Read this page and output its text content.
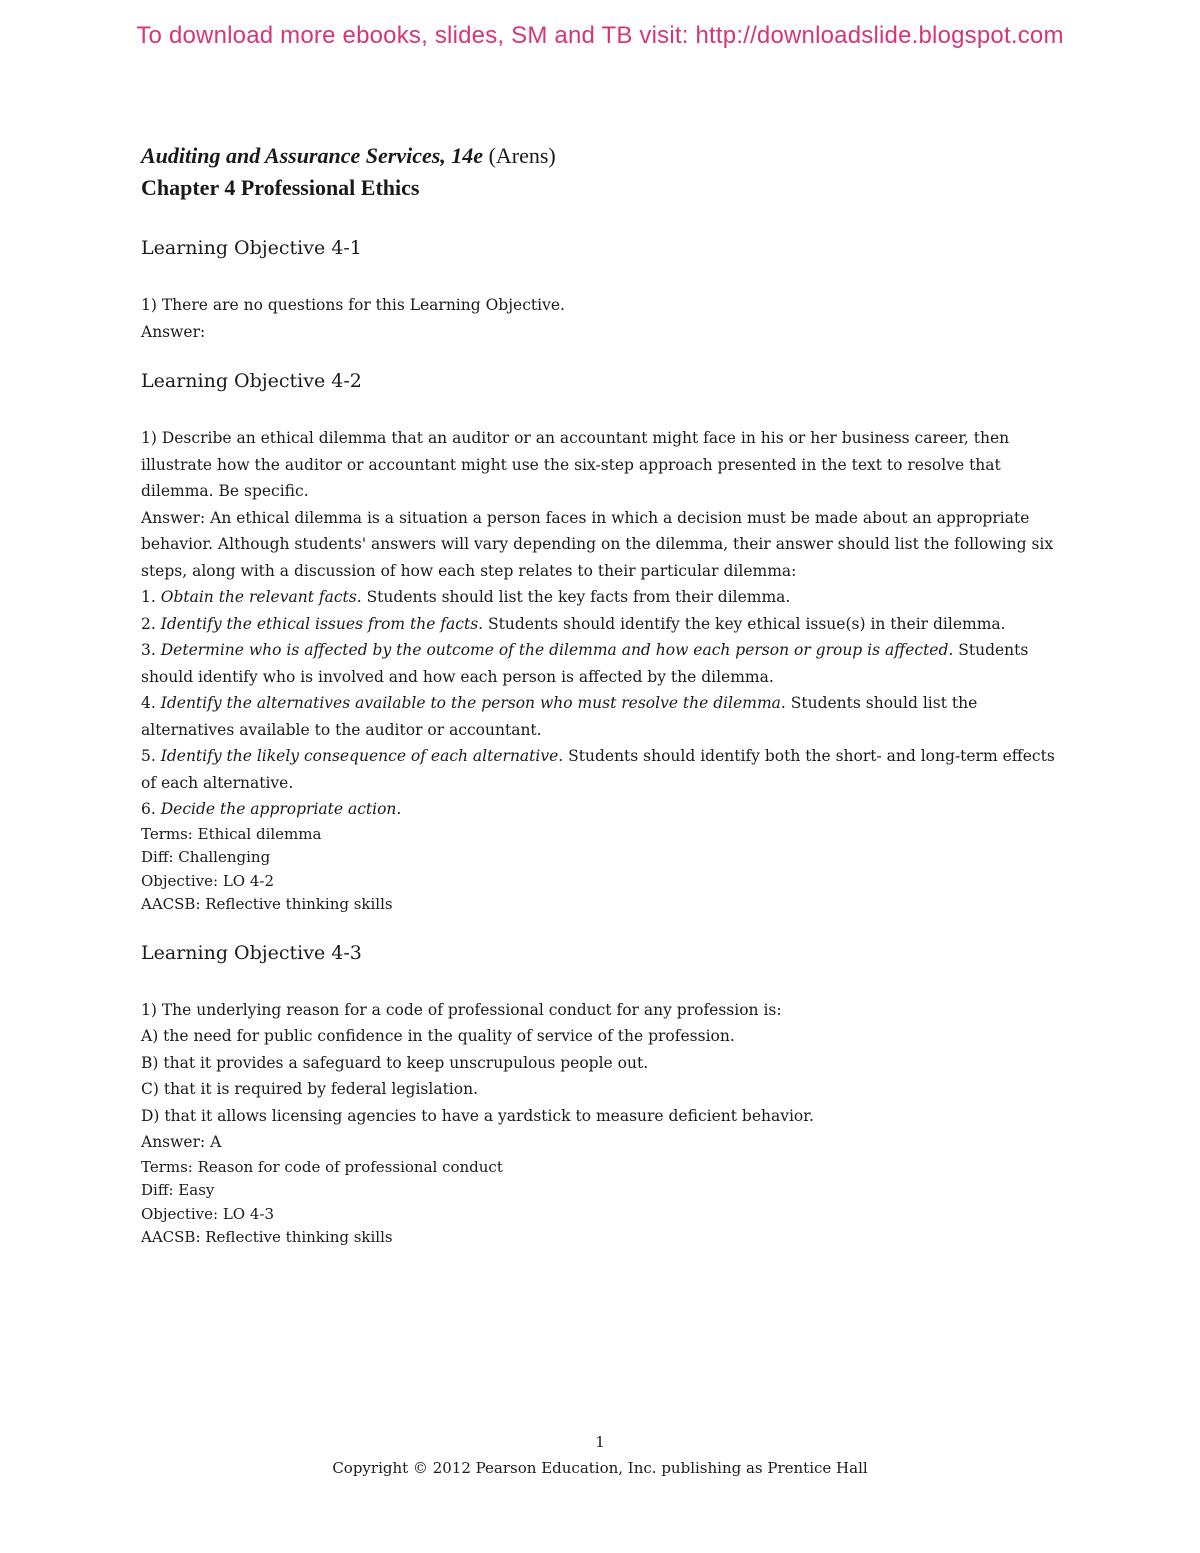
To download more ebooks, slides, SM and TB visit: http://downloadslide.blogspot.com
Auditing and Assurance Services, 14e (Arens)
Chapter 4 Professional Ethics
Learning Objective 4-1

1) There are no questions for this Learning Objective.

Answer:

Learning Objective 4-2

1) Describe an ethical dilemma that an auditor or an accountant might face in his or her business career, then illustrate how the auditor or accountant might use the six-step approach presented in the text to resolve that dilemma. Be specific.

Answer: An ethical dilemma is a situation a person faces in which a decision must be made about an appropriate behavior. Although students' answers will vary depending on the dilemma, their answer should list the following six steps, along with a discussion of how each step relates to their particular dilemma:

1. Obtain the relevant facts. Students should list the key facts from their dilemma.

2. Identify the ethical issues from the facts. Students should identify the key ethical issue(s) in their dilemma.

3. Determine who is affected by the outcome of the dilemma and how each person or group is affected. Students should identify who is involved and how each person is affected by the dilemma.

4. Identify the alternatives available to the person who must resolve the dilemma. Students should list the alternatives available to the auditor or accountant.

5. Identify the likely consequence of each alternative. Students should identify both the short- and long-term effects of each alternative.

6. Decide the appropriate action.

Terms: Ethical dilemma

Diff: Challenging

Objective: LO 4-2

AACSB: Reflective thinking skills

Learning Objective 4-3

1) The underlying reason for a code of professional conduct for any profession is:

A) the need for public confidence in the quality of service of the profession.

B) that it provides a safeguard to keep unscrupulous people out.

C) that it is required by federal legislation.

D) that it allows licensing agencies to have a yardstick to measure deficient behavior.

Answer: A

Terms: Reason for code of professional conduct

Diff: Easy

Objective: LO 4-3

AACSB: Reflective thinking skills

1
Copyright © 2012 Pearson Education, Inc. publishing as Prentice Hall
